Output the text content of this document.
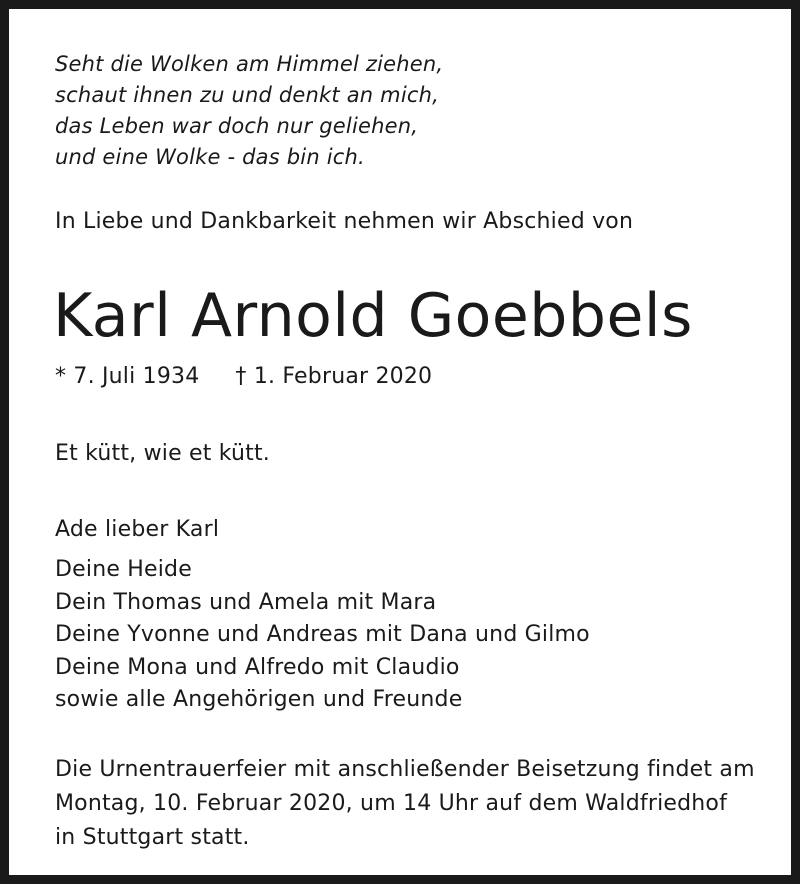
Seht die Wolken am Himmel ziehen,
schaut ihnen zu und denkt an mich,
das Leben war doch nur geliehen,
und eine Wolke - das bin ich.
In Liebe und Dankbarkeit nehmen wir Abschied von
Karl Arnold Goebbels
* 7. Juli 1934 † 1. Februar 2020
Et kütt, wie et kütt.
Ade lieber Karl
Deine Heide
Dein Thomas und Amela mit Mara
Deine Yvonne und Andreas mit Dana und Gilmo
Deine Mona und Alfredo mit Claudio
sowie alle Angehörigen und Freunde
Die Urnentrauerfeier mit anschließender Beisetzung findet am
Montag, 10. Februar 2020, um 14 Uhr auf dem Waldfriedhof
in Stuttgart statt.
